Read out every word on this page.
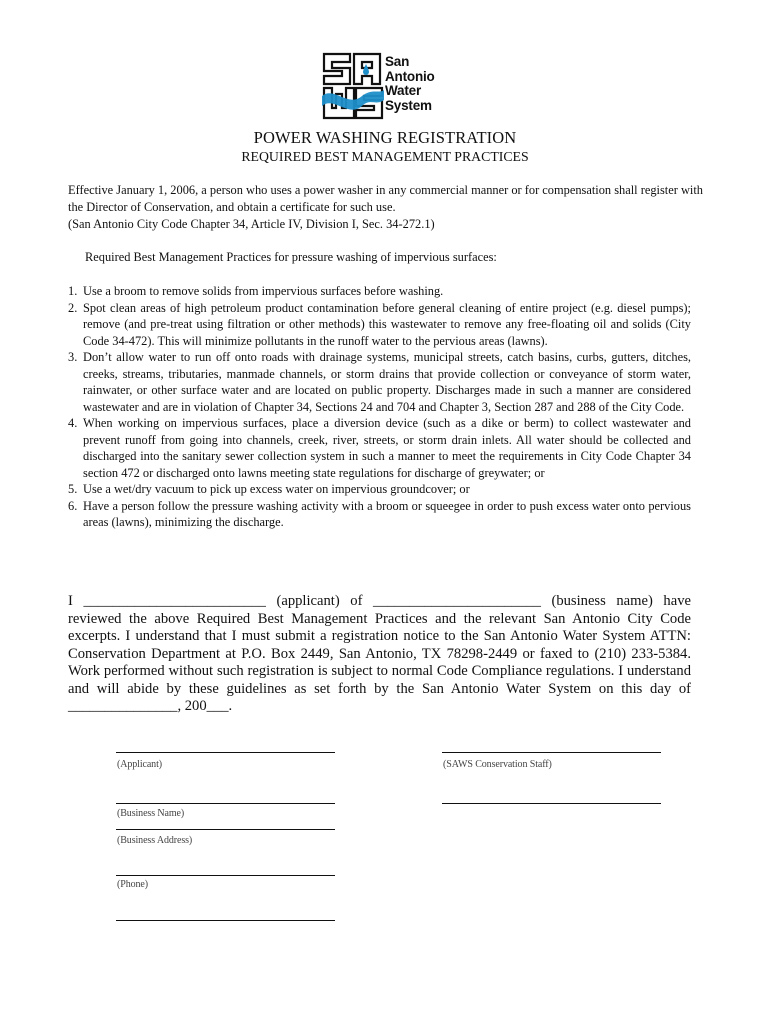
San
Antonio
Water
System
POWER WASHING REGISTRATION
REQUIRED BEST MANAGEMENT PRACTICES

Effective January 1, 2006, a person who uses a power washer in any commercial manner or for compensation shall register with the Director of Conservation, and obtain a certificate for such use.

(San Antonio City Code Chapter 34, Article IV, Division I, Sec. 34-272.1)

Required Best Management Practices for pressure washing of impervious surfaces:
1. Use a broom to remove solids from impervious surfaces before washing.
2. Spot clean areas of high petroleum product contamination before general cleaning of entire project (e.g. diesel pumps); remove (and pre-treat using filtration or other methods) this wastewater to remove any free-floating oil and solids (City Code 34-472). This will minimize pollutants in the runoff water to the pervious areas (lawns).
3. Don’t allow water to run off onto roads with drainage systems, municipal streets, catch basins, curbs, gutters, ditches, creeks, streams, tributaries, manmade channels, or storm drains that provide collection or conveyance of storm water, rainwater, or other surface water and are located on public property. Discharges made in such a manner are considered wastewater and are in violation of Chapter 34, Sections 24 and 704 and Chapter 3, Section 287 and 288 of the City Code.
4. When working on impervious surfaces, place a diversion device (such as a dike or berm) to collect wastewater and prevent runoff from going into channels, creek, river, streets, or storm drain inlets. All water should be collected and discharged into the sanitary sewer collection system in such a manner to meet the requirements in City Code Chapter 34 section 472 or discharged onto lawns meeting state regulations for discharge of greywater; or
5. Use a wet/dry vacuum to pick up excess water on impervious groundcover; or
6. Have a person follow the pressure washing activity with a broom or squeegee in order to push excess water onto pervious areas (lawns), minimizing the discharge.

I _________________________ (applicant) of _______________________ (business name) have reviewed the above Required Best Management Practices and the relevant San Antonio City Code excerpts. I understand that I must submit a registration notice to the San Antonio Water System ATTN: Conservation Department at P.O. Box 2449, San Antonio, TX 78298-2449 or faxed to (210) 233-5384. Work performed without such registration is subject to normal Code Compliance regulations. I understand and will abide by these guidelines as set forth by the San Antonio Water System on this day of _______________, 200___.

(Applicant)	(SAWS Conservation Staff)
(Business Name)
(Business Address)
(Phone)
